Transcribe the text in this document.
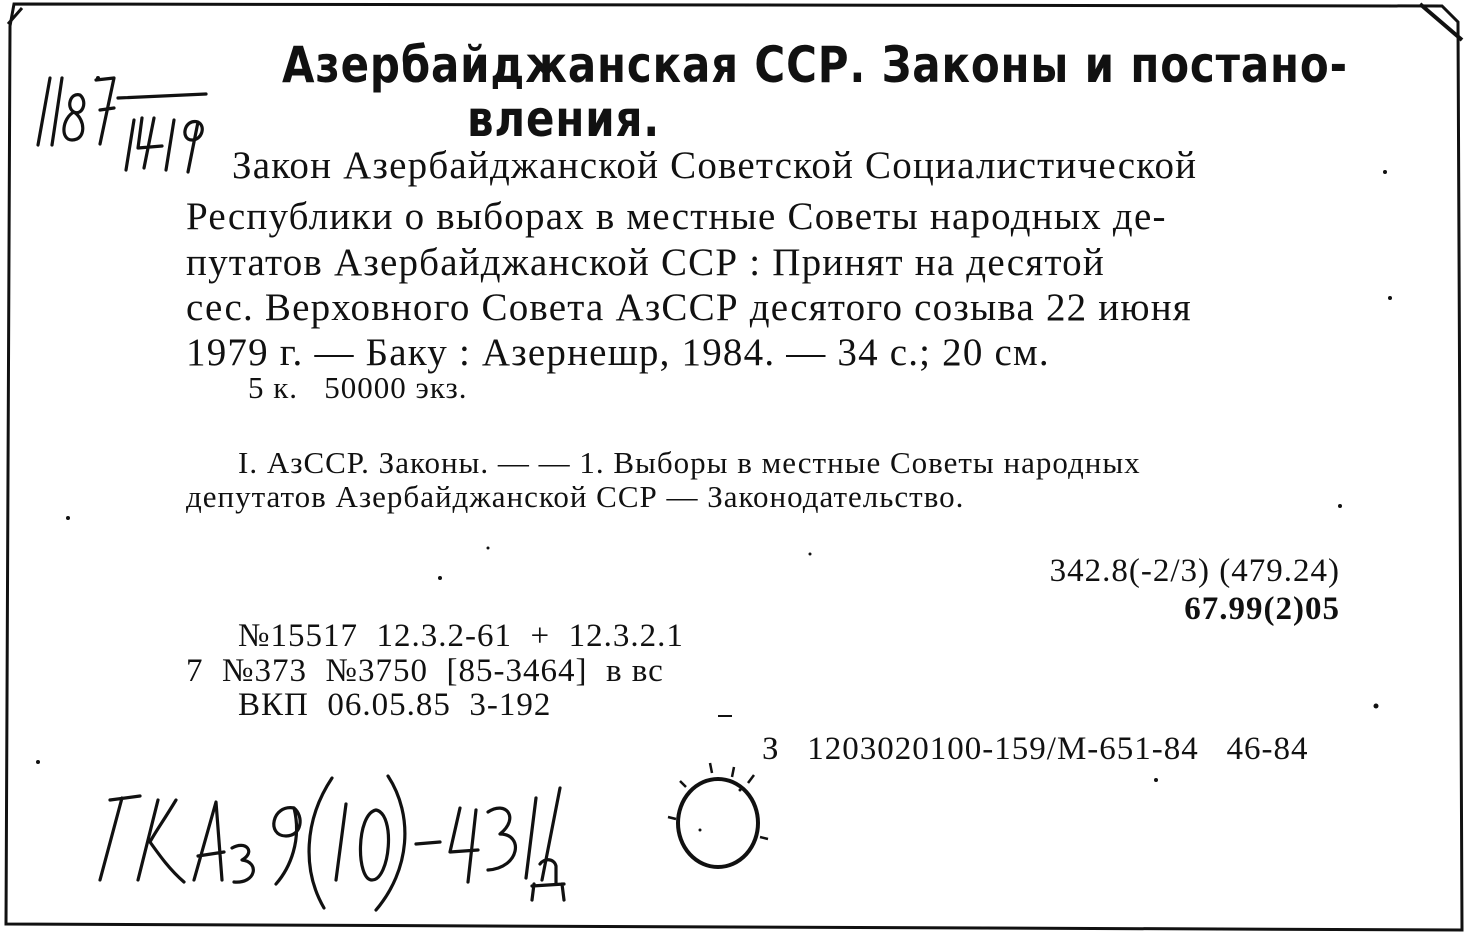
Азербайджанская ССР. Законы и постано-
вления.
Закон Азербайджанской Советской Социалистической
Республики о выборах в местные Советы народных де-
путатов Азербайджанской ССР : Принят на десятой
сес. Верховного Совета АзССР десятого созыва 22 июня
1979 г. — Баку : Азернешр, 1984. — 34 с.; 20 см.
5 к.   50000 экз.
I. АзССР. Законы. — — 1. Выборы в местные Советы народных
депутатов Азербайджанской ССР — Законодательство.
342.8(-2/3) (479.24)
67.99(2)05
№15517  12.3.2-61  +  12.3.2.1
7  №373  №3750  [85-3464]  в вс
ВКП  06.05.85  3-192
З   1203020100-159/М-651-84   46-84
